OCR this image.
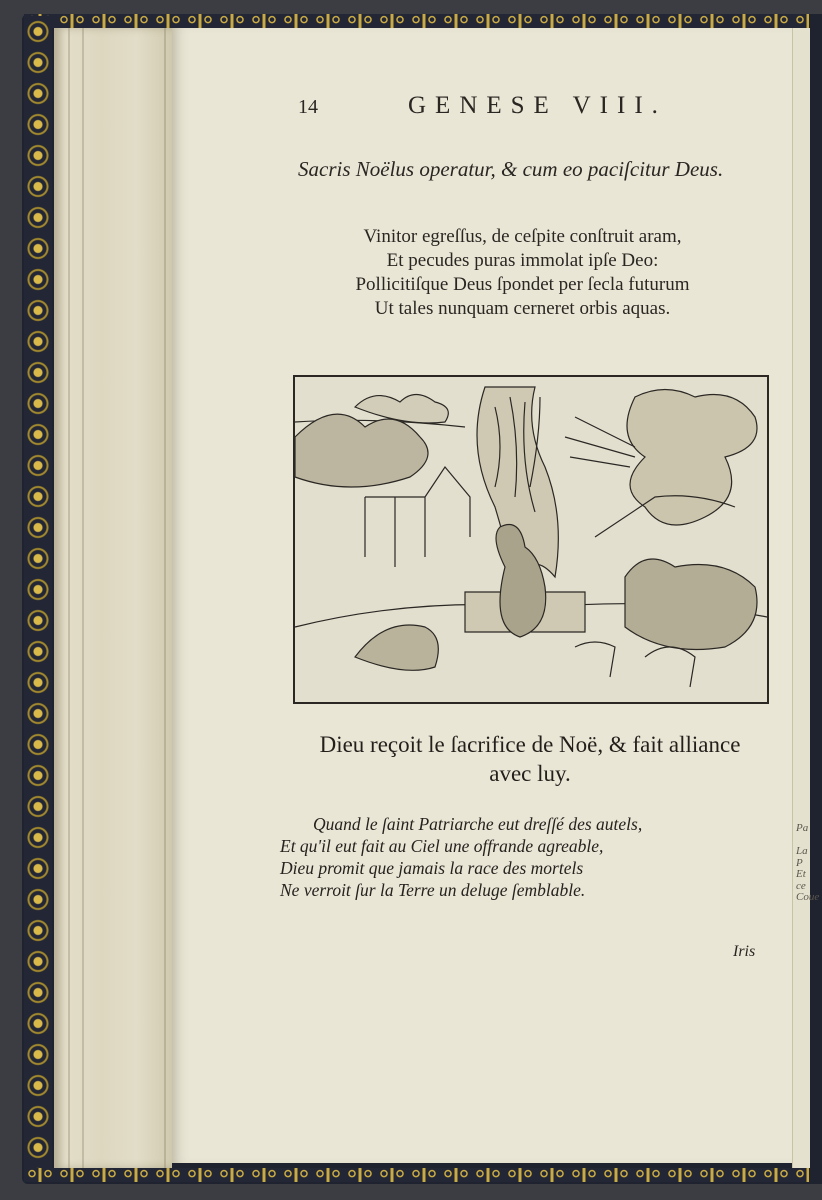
14	GENESE VIII.
Sacris Noëlus operatur, & cum eo paciſcitur Deus.
Vinitor egreſſus, de ceſpite conſtruit aram,
Et pecudes puras immolat ipſe Deo:
Pollicitiſque Deus ſpondet per ſecla futurum
Ut tales nunquam cerneret orbis aquas.
Dieu reçoit le ſacrifice de Noë, & fait alliance
avec luy.
Quand le ſaint Patriarche eut dreſſé des autels,
Et qu'il eut fait au Ciel une offrande agreable,
Dieu promit que jamais la race des mortels
Ne verroit ſur la Terre un deluge ſemblable.
Iris
Pa
La P
Et ce
Coue
